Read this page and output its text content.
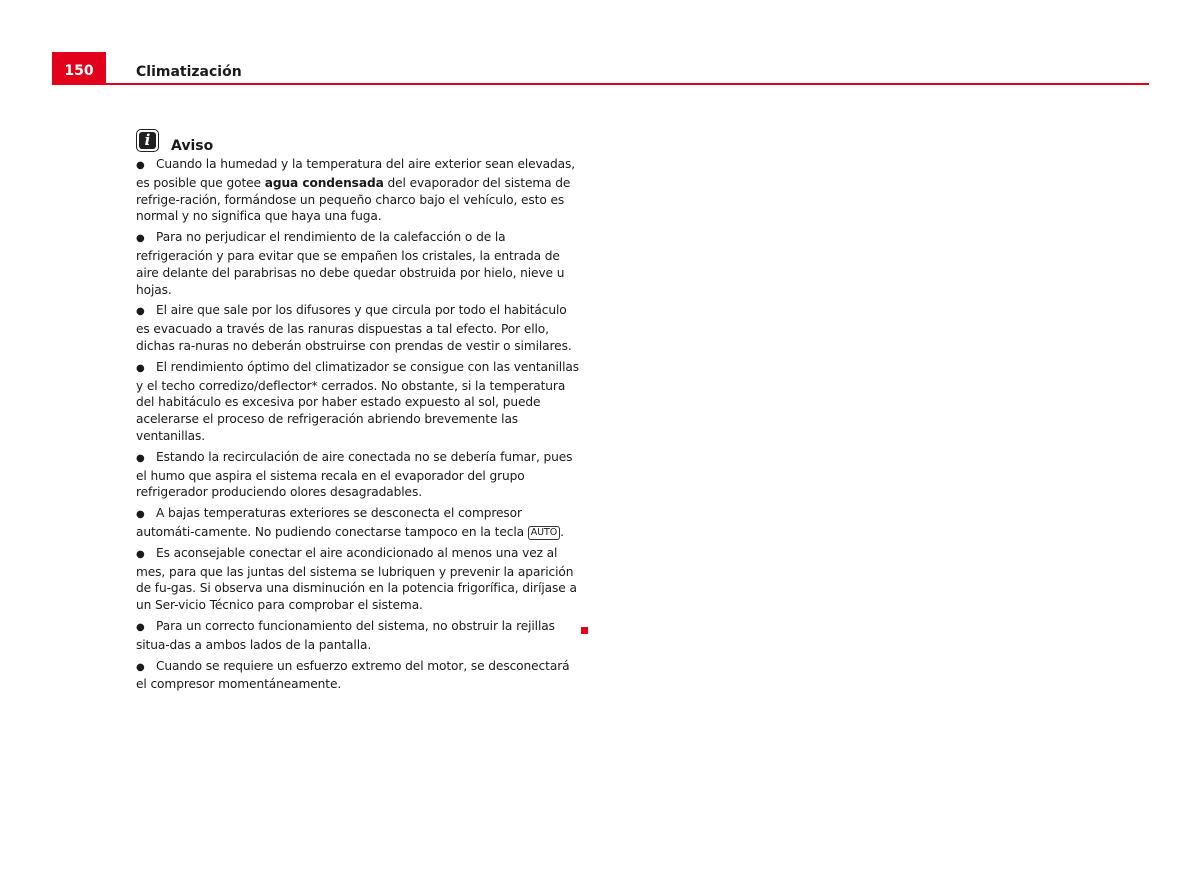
150	Climatización
i	Aviso

● Cuando la humedad y la temperatura del aire exterior sean elevadas, es posible que gotee agua condensada del evaporador del sistema de refrige-ración, formándose un pequeño charco bajo el vehículo, esto es normal y no significa que haya una fuga.

● Para no perjudicar el rendimiento de la calefacción o de la refrigeración y para evitar que se empañen los cristales, la entrada de aire delante del parabrisas no debe quedar obstruida por hielo, nieve u hojas.

● El aire que sale por los difusores y que circula por todo el habitáculo es evacuado a través de las ranuras dispuestas a tal efecto. Por ello, dichas ra-nuras no deberán obstruirse con prendas de vestir o similares.

● El rendimiento óptimo del climatizador se consigue con las ventanillas y el techo corredizo/deflector* cerrados. No obstante, si la temperatura del habitáculo es excesiva por haber estado expuesto al sol, puede acelerarse el proceso de refrigeración abriendo brevemente las ventanillas.

● Estando la recirculación de aire conectada no se debería fumar, pues el humo que aspira el sistema recala en el evaporador del grupo refrigerador produciendo olores desagradables.

● A bajas temperaturas exteriores se desconecta el compresor automáti-camente. No pudiendo conectarse tampoco en la tecla AUTO .

● Es aconsejable conectar el aire acondicionado al menos una vez al mes, para que las juntas del sistema se lubriquen y prevenir la aparición de fu-gas. Si observa una disminución en la potencia frigorífica, diríjase a un Ser-vicio Técnico para comprobar el sistema.

● Para un correcto funcionamiento del sistema, no obstruir la rejillas situa-das a ambos lados de la pantalla.

● Cuando se requiere un esfuerzo extremo del motor, se desconectará el compresor momentáneamente.
